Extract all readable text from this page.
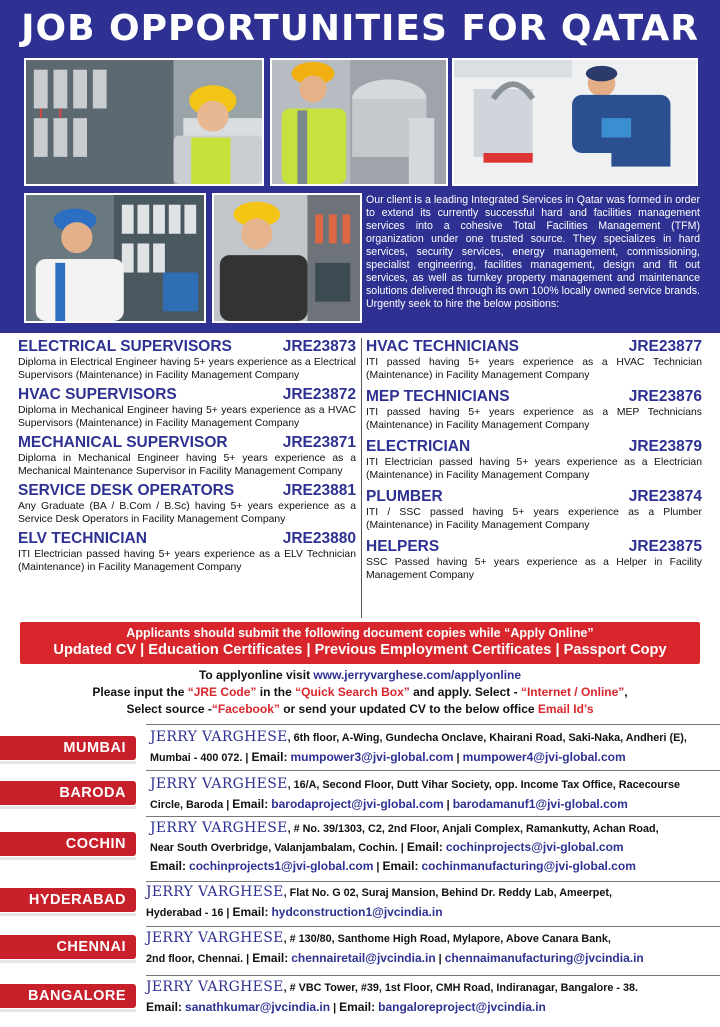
JOB OPPORTUNITIES FOR QATAR

Our client is a leading Integrated Services in Qatar was formed in order to extend its currently successful hard and facilities management services into a cohesive Total Facilities Management (TFM) organization under one trusted source. They specializes in hard services, security services, energy management, commissioning, specialist engineering, facilities management, design and fit out services, as well as turnkey property management and maintenance solutions delivered through its own 100% locally owned service brands. Urgently seek to hire the below positions:

ELECTRICAL SUPERVISORS	JRE23873

Diploma in Electrical Engineer having 5+ years experience as a Electrical Supervisors (Maintenance) in Facility Management Company

HVAC SUPERVISORS	JRE23872

Diploma in Mechanical Engineer having 5+ years experience as a HVAC Supervisors (Maintenance) in Facility Management Company

MECHANICAL SUPERVISOR	JRE23871

Diploma in Mechanical Engineer having 5+ years experience as a Mechanical Maintenance Supervisor in Facility Management Company

SERVICE DESK OPERATORS	JRE23881

Any Graduate (BA / B.Com / B.Sc) having 5+ years experience as a Service Desk Operators in Facility Management Company

ELV TECHNICIAN	JRE23880

ITI Electrician passed having 5+ years experience as a ELV Technician (Maintenance) in Facility Management Company

HVAC TECHNICIANS	JRE23877

ITI passed having 5+ years experience as a HVAC Technician (Maintenance) in Facility Management Company

MEP TECHNICIANS	JRE23876

ITI passed having 5+ years experience as a MEP Technicians (Maintenance) in Facility Management Company

ELECTRICIAN	JRE23879

ITI Electrician passed having 5+ years experience as a Electrician (Maintenance) in Facility Management Company

PLUMBER	JRE23874

ITI / SSC passed having 5+ years experience as a Plumber (Maintenance) in Facility Management Company

HELPERS	JRE23875

SSC Passed having 5+ years experience as a Helper in Facility Management Company

Applicants should submit the following document copies while “Apply Online”
Updated CV | Education Certificates | Previous Employment Certificates | Passport Copy
To applyonline visit www.jerryvarghese.com/applyonline
Please input the “JRE Code” in the “Quick Search Box” and apply. Select - “Internet / Online”,
Select source -“Facebook” or send your updated CV to the below office Email Id’s
MUMBAI
JERRY VARGHESE, 6th floor, A-Wing, Gundecha Onclave, Khairani Road, Saki-Naka, Andheri (E),
Mumbai - 400 072. | Email: mumpower3@jvi-global.com | mumpower4@jvi-global.com
BARODA
JERRY VARGHESE, 16/A, Second Floor, Dutt Vihar Society, opp. Income Tax Office, Racecourse
Circle, Baroda | Email: barodaproject@jvi-global.com | barodamanuf1@jvi-global.com
COCHIN
JERRY VARGHESE, # No. 39/1303, C2, 2nd Floor, Anjali Complex, Ramankutty, Achan Road,
Near South Overbridge, Valanjambalam, Cochin. | Email: cochinprojects@jvi-global.com
Email: cochinprojects1@jvi-global.com | Email: cochinmanufacturing@jvi-global.com
HYDERABAD	JERRY VARGHESE, Flat No. G 02, Suraj Mansion, Behind Dr. Reddy Lab, Ameerpet,
Hyderabad - 16 | Email: hydconstruction1@jvcindia.in
CHENNAI
JERRY VARGHESE, # 130/80, Santhome High Road, Mylapore, Above Canara Bank,
2nd floor, Chennai. | Email: chennairetail@jvcindia.in | chennaimanufacturing@jvcindia.in
BANGALORE
JERRY VARGHESE, # VBC Tower, #39, 1st Floor, CMH Road, Indiranagar, Bangalore - 38.
Email: sanathkumar@jvcindia.in | Email: bangaloreproject@jvcindia.in
